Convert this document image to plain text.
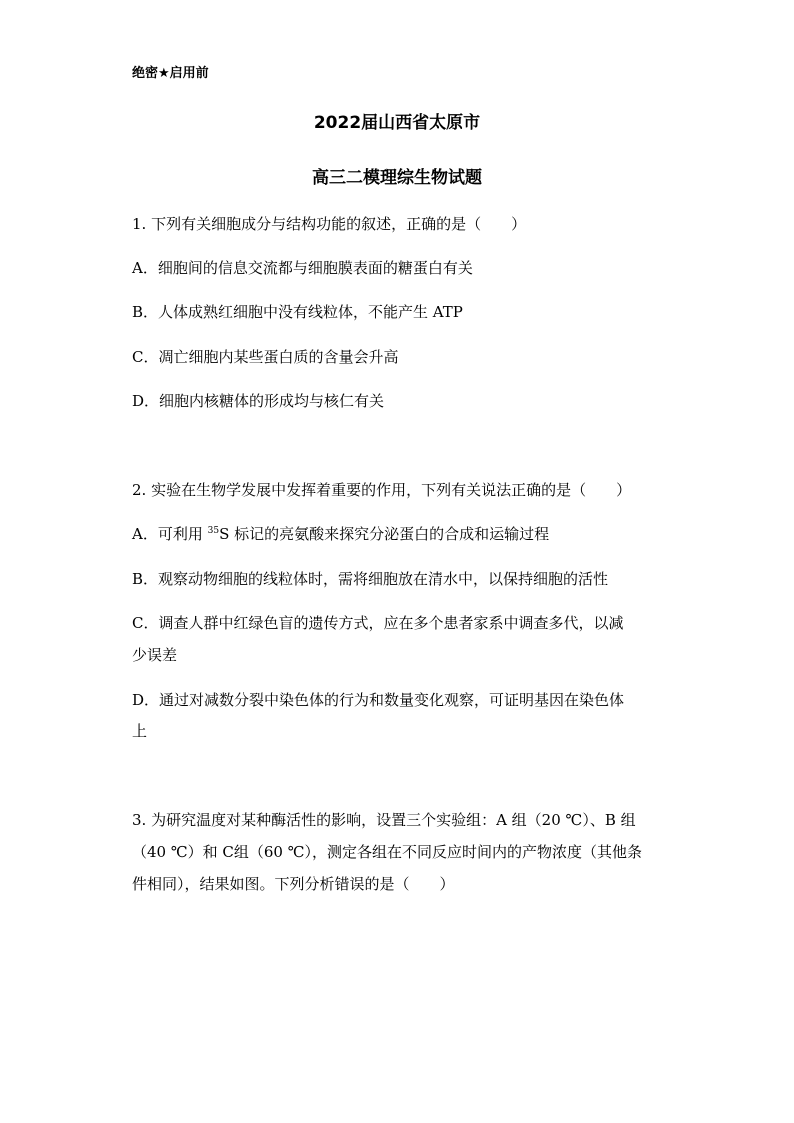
绝密★启用前
2022届山西省太原市
高三二模理综生物试题
1. 下列有关细胞成分与结构功能的叙述，正确的是（　　）
A．细胞间的信息交流都与细胞膜表面的糖蛋白有关
B．人体成熟红细胞中没有线粒体，不能产生 ATP
C．凋亡细胞内某些蛋白质的含量会升高
D．细胞内核糖体的形成均与核仁有关
2. 实验在生物学发展中发挥着重要的作用，下列有关说法正确的是（　　）
A．可利用 $^{35}$S 标记的亮氨酸来探究分泌蛋白的合成和运输过程
B．观察动物细胞的线粒体时，需将细胞放在清水中，以保持细胞的活性
C．调查人群中红绿色盲的遗传方式，应在多个患者家系中调查多代，以减
少误差
D．通过对减数分裂中染色体的行为和数量变化观察，可证明基因在染色体
上
3. 为研究温度对某种酶活性的影响，设置三个实验组：A 组（20 ℃）、B 组
（40 ℃）和 C组（60 ℃），测定各组在不同反应时间内的产物浓度（其他条
件相同），结果如图。下列分析错误的是（　　）
